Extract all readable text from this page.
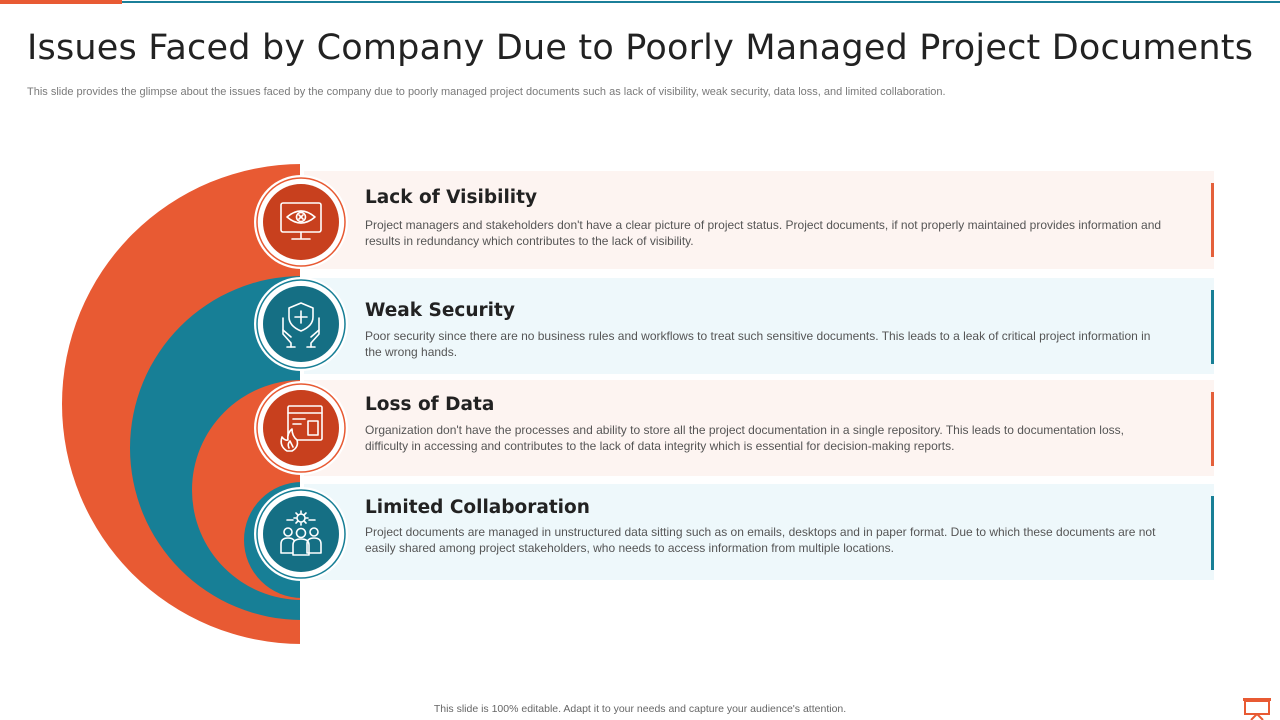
Issues Faced by Company Due to Poorly Managed Project Documents

This slide provides the glimpse about the issues faced by the company due to poorly managed project documents such as lack of visibility, weak security, data loss, and limited collaboration.

Lack of Visibility

Project managers and stakeholders don't have a clear picture of project status. Project documents, if not properly maintained provides information and results in redundancy which contributes to the lack of visibility.

Weak Security

Poor security since there are no business rules and workflows to treat such sensitive documents. This leads to a leak of critical project information in the wrong hands.

Loss of Data

Organization don't have the processes and ability to store all the project documentation in a single repository. This leads to documentation loss, difficulty in accessing and contributes to the lack of data integrity which is essential for decision-making reports.

Limited Collaboration

Project documents are managed in unstructured data sitting such as on emails, desktops and in paper format. Due to which these documents are not easily shared among project stakeholders, who needs to access information from multiple locations.

This slide is 100% editable. Adapt it to your needs and capture your audience's attention.
